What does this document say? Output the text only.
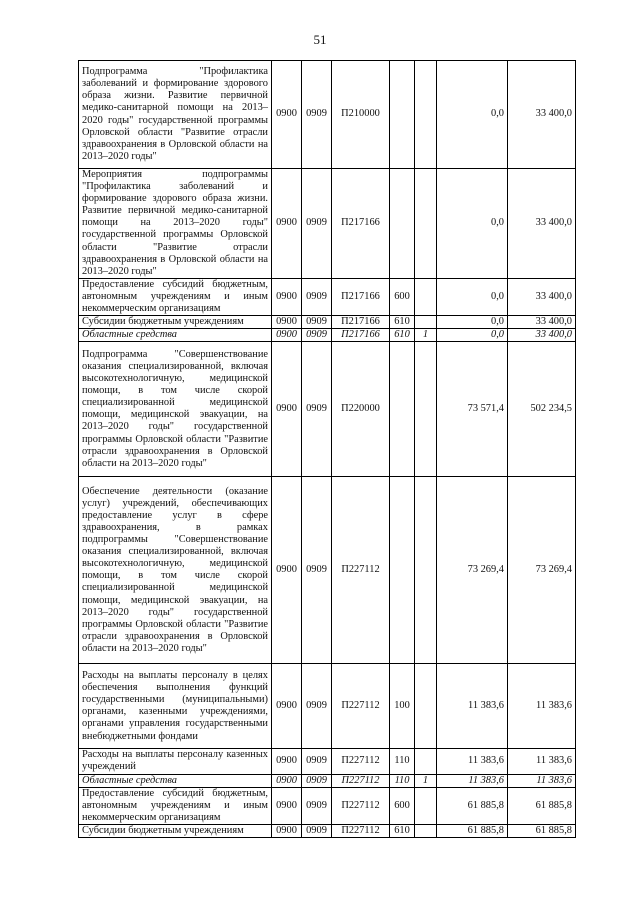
51
Подпрограмма "Профилактика заболеваний и формирование здорового образа жизни. Развитие первичной медико-санитарной помощи на 2013–2020 годы" государственной программы Орловской области "Развитие отрасли здравоохранения в Орловской области на 2013–2020 годы"	0900	0909	П210000			0,0	33 400,0
Мероприятия подпрограммы "Профилактика заболеваний и формирование здорового образа жизни. Развитие первичной медико-санитарной помощи на 2013–2020 годы" государственной программы Орловской области "Развитие отрасли здравоохранения в Орловской области на 2013–2020 годы"	0900	0909	П217166			0,0	33 400,0
Предоставление субсидий бюджетным, автономным учреждениям и иным некоммерческим организациям	0900	0909	П217166	600		0,0	33 400,0
Субсидии бюджетным учреждениям	0900	0909	П217166	610		0,0	33 400,0
Областные средства	0900	0909	П217166	610	1	0,0	33 400,0
Подпрограмма "Совершенствование оказания специализированной, включая высокотехнологичную, медицинской помощи, в том числе скорой специализированной медицинской помощи, медицинской эвакуации, на 2013–2020 годы" государственной программы Орловской области "Развитие отрасли здравоохранения в Орловской области на 2013–2020 годы"	0900	0909	П220000			73 571,4	502 234,5
Обеспечение деятельности (оказание услуг) учреждений, обеспечивающих предоставление услуг в сфере здравоохранения, в рамках подпрограммы "Совершенствование оказания специализированной, включая высокотехнологичную, медицинской помощи, в том числе скорой специализированной медицинской помощи, медицинской эвакуации, на 2013–2020 годы" государственной программы Орловской области "Развитие отрасли здравоохранения в Орловской области на 2013–2020 годы"	0900	0909	П227112			73 269,4	73 269,4
Расходы на выплаты персоналу в целях обеспечения выполнения функций государственными (муниципальными) органами, казенными учреждениями, органами управления государственными внебюджетными фондами	0900	0909	П227112	100		11 383,6	11 383,6
Расходы на выплаты персоналу казенных учреждений	0900	0909	П227112	110		11 383,6	11 383,6
Областные средства	0900	0909	П227112	110	1	11 383,6	11 383,6
Предоставление субсидий бюджетным, автономным учреждениям и иным некоммерческим организациям	0900	0909	П227112	600		61 885,8	61 885,8
Субсидии бюджетным учреждениям	0900	0909	П227112	610		61 885,8	61 885,8
